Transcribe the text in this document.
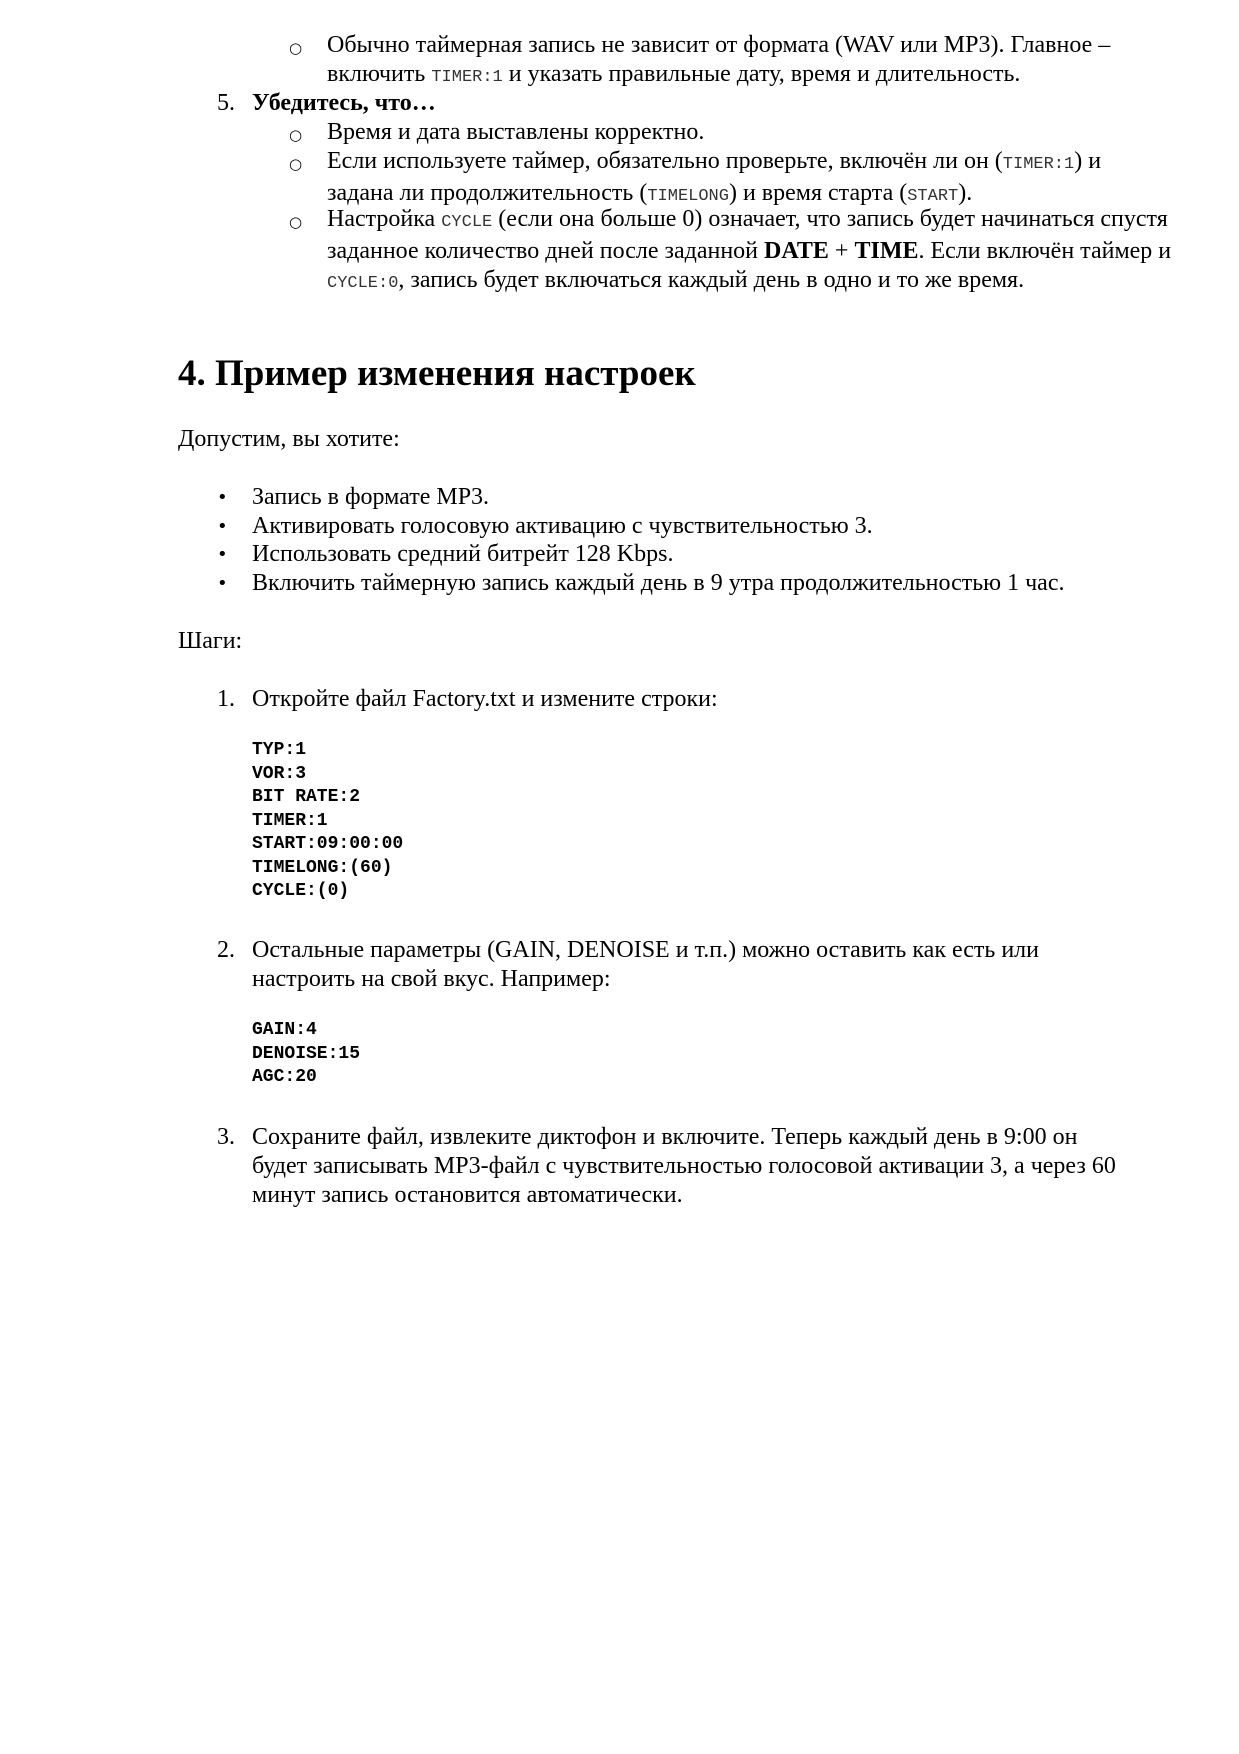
○ Обычно таймерная запись не зависит от формата (WAV или MP3). Главное – включить TIMER:1 и указать правильные дату, время и длительность.
5. Убедитесь, что…
○ Время и дата выставлены корректно.
○ Если используете таймер, обязательно проверьте, включён ли он (TIMER:1) и задана ли продолжительность (TIMELONG) и время старта (START).
○ Настройка CYCLE (если она больше 0) означает, что запись будет начинаться спустя заданное количество дней после заданной DATE + TIME. Если включён таймер и CYCLE:0, запись будет включаться каждый день в одно и то же время.
4. Пример изменения настроек
Допустим, вы хотите:
• Запись в формате MP3.
• Активировать голосовую активацию с чувствительностью 3.
• Использовать средний битрейт 128 Kbps.
• Включить таймерную запись каждый день в 9 утра продолжительностью 1 час.
Шаги:
1. Откройте файл Factory.txt и измените строки:
TYP:1
VOR:3
BIT RATE:2
TIMER:1
START:09:00:00
TIMELONG:(60)
CYCLE:(0)
2. Остальные параметры (GAIN, DENOISE и т.п.) можно оставить как есть или настроить на свой вкус. Например:
GAIN:4
DENOISE:15
AGC:20
3. Сохраните файл, извлеките диктофон и включите. Теперь каждый день в 9:00 он будет записывать MP3-файл с чувствительностью голосовой активации 3, а через 60 минут запись остановится автоматически.
